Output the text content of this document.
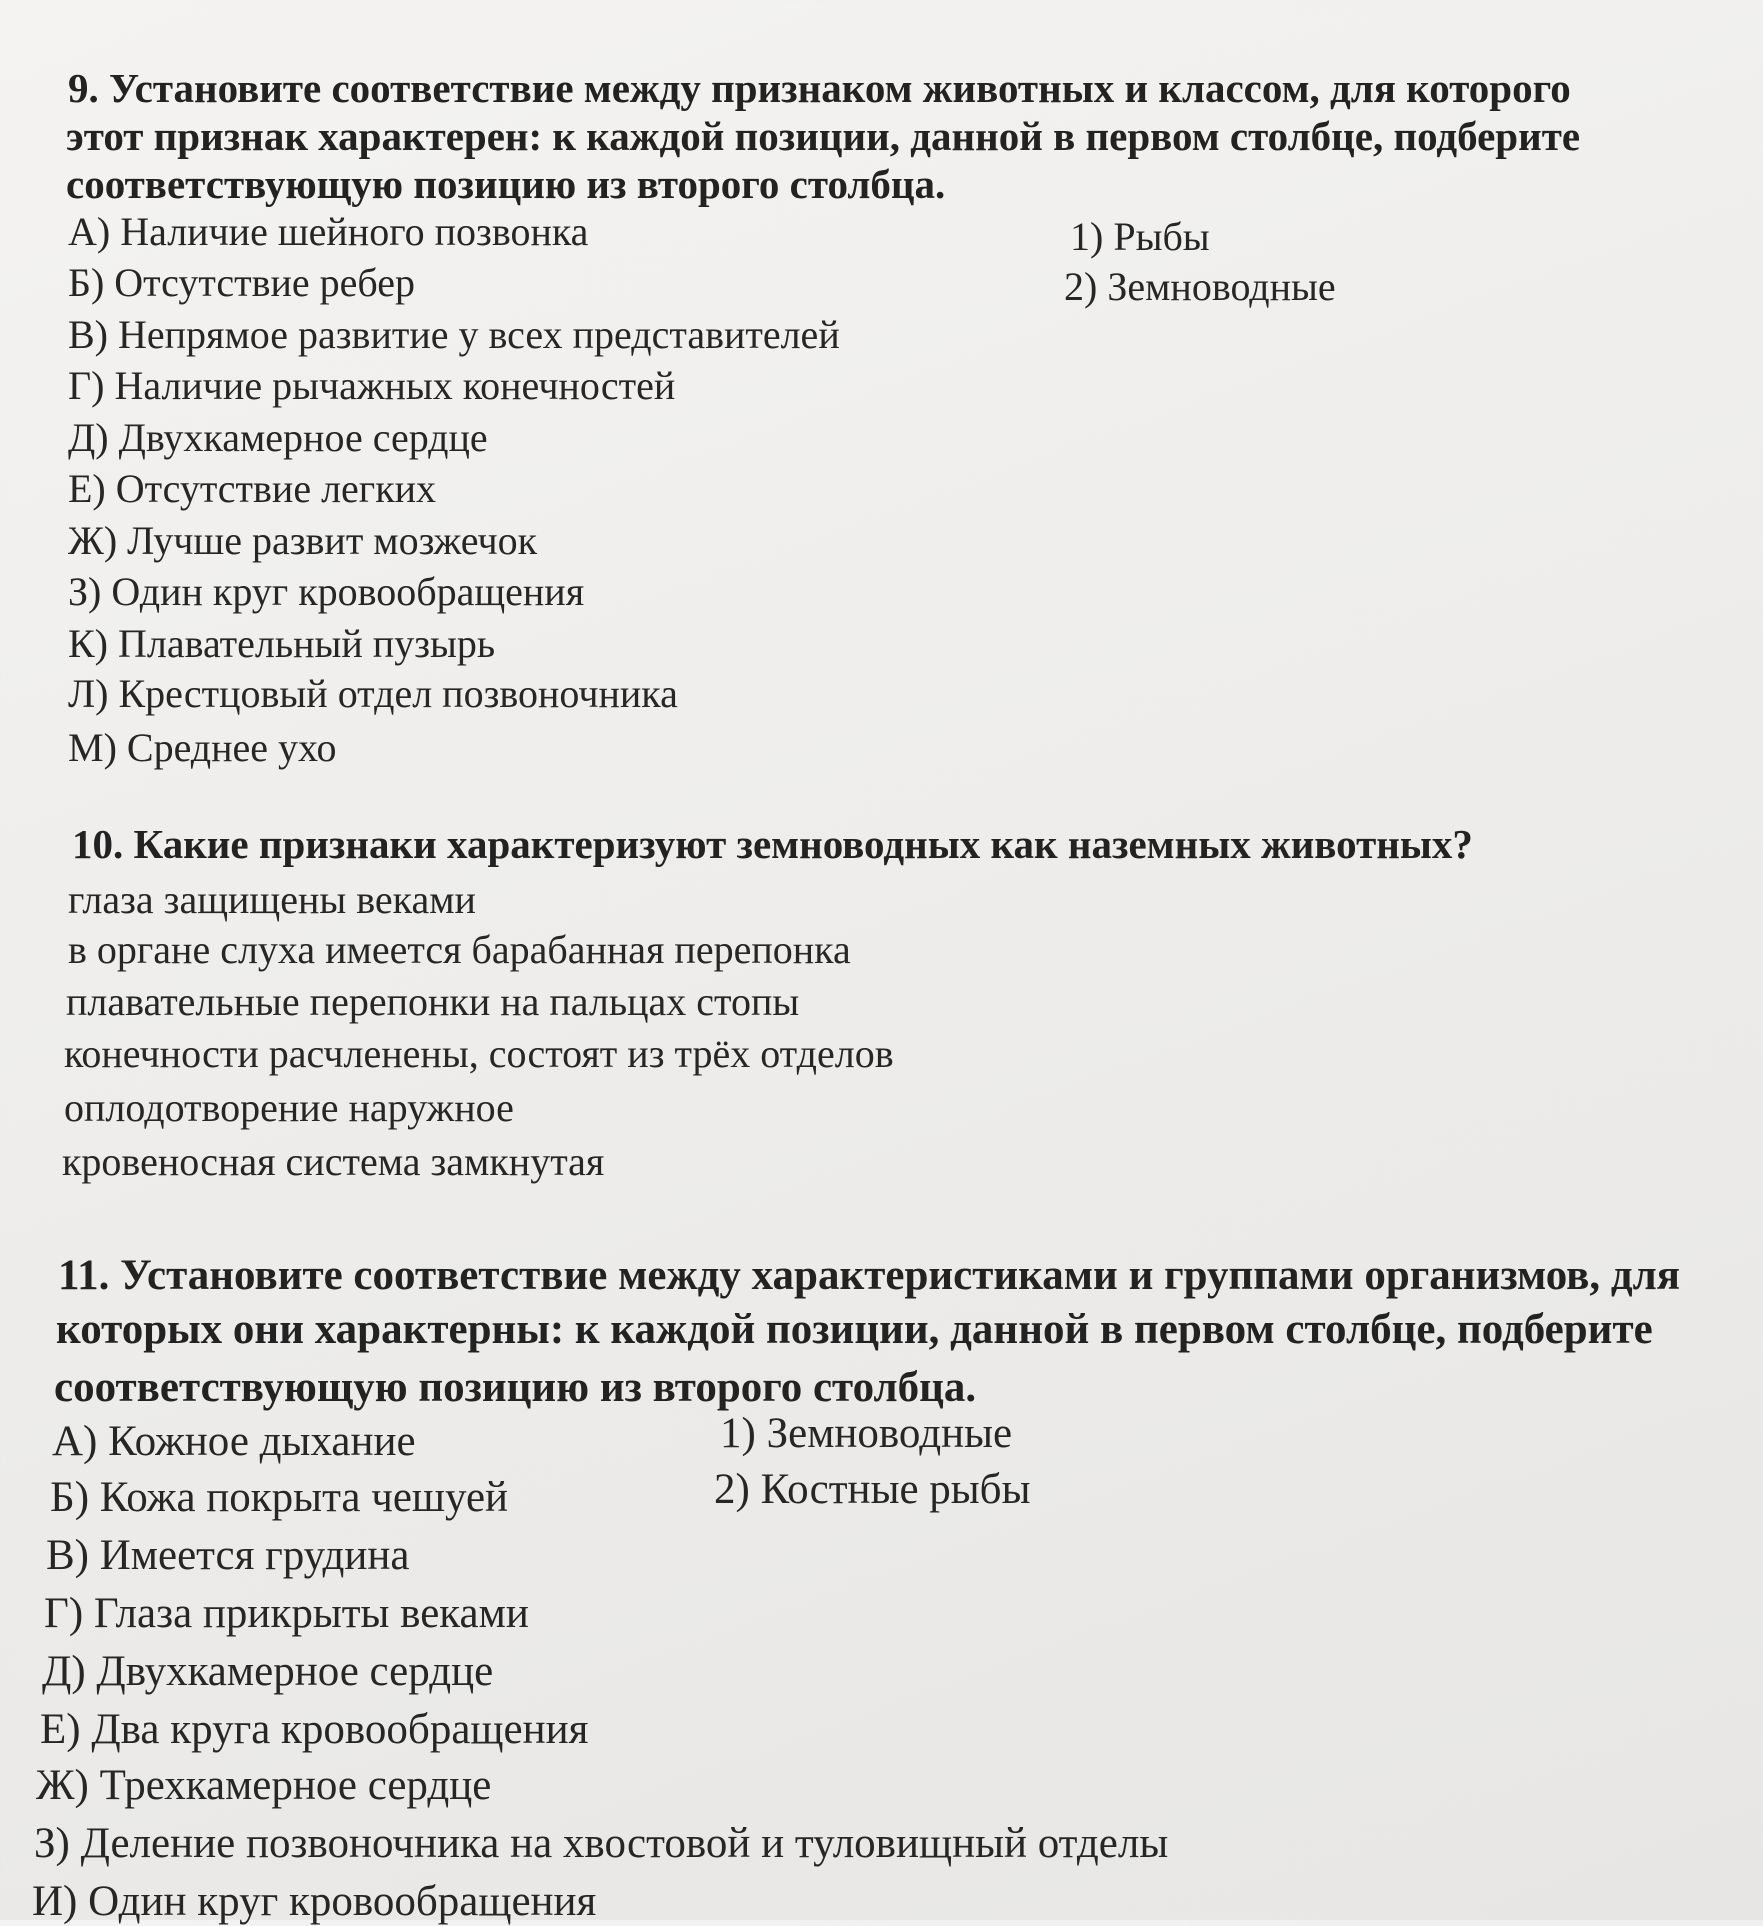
9. Установите соответствие между признаком животных и классом, для которого
этот признак характерен: к каждой позиции, данной в первом столбце, подберите
соответствующую позицию из второго столбца.
А) Наличие шейного позвонка
Б) Отсутствие ребер
В) Непрямое развитие у всех представителей
Г) Наличие рычажных конечностей
Д) Двухкамерное сердце
Е) Отсутствие легких
Ж) Лучше развит мозжечок
З) Один круг кровообращения
К) Плавательный пузырь
Л) Крестцовый отдел позвоночника
М) Среднее ухо
1) Рыбы
2) Земноводные
10. Какие признаки характеризуют земноводных как наземных животных?
глаза защищены веками
в органе слуха имеется барабанная перепонка
плавательные перепонки на пальцах стопы
конечности расчленены, состоят из трёх отделов
оплодотворение наружное
кровеносная система замкнутая
11. Установите соответствие между характеристиками и группами организмов, для
которых они характерны: к каждой позиции, данной в первом столбце, подберите
соответствующую позицию из второго столбца.
А) Кожное дыхание
Б) Кожа покрыта чешуей
В) Имеется грудина
Г) Глаза прикрыты веками
Д) Двухкамерное сердце
Е) Два круга кровообращения
Ж) Трехкамерное сердце
З) Деление позвоночника на хвостовой и туловищный отделы
И) Один круг кровообращения
1) Земноводные
2) Костные рыбы
